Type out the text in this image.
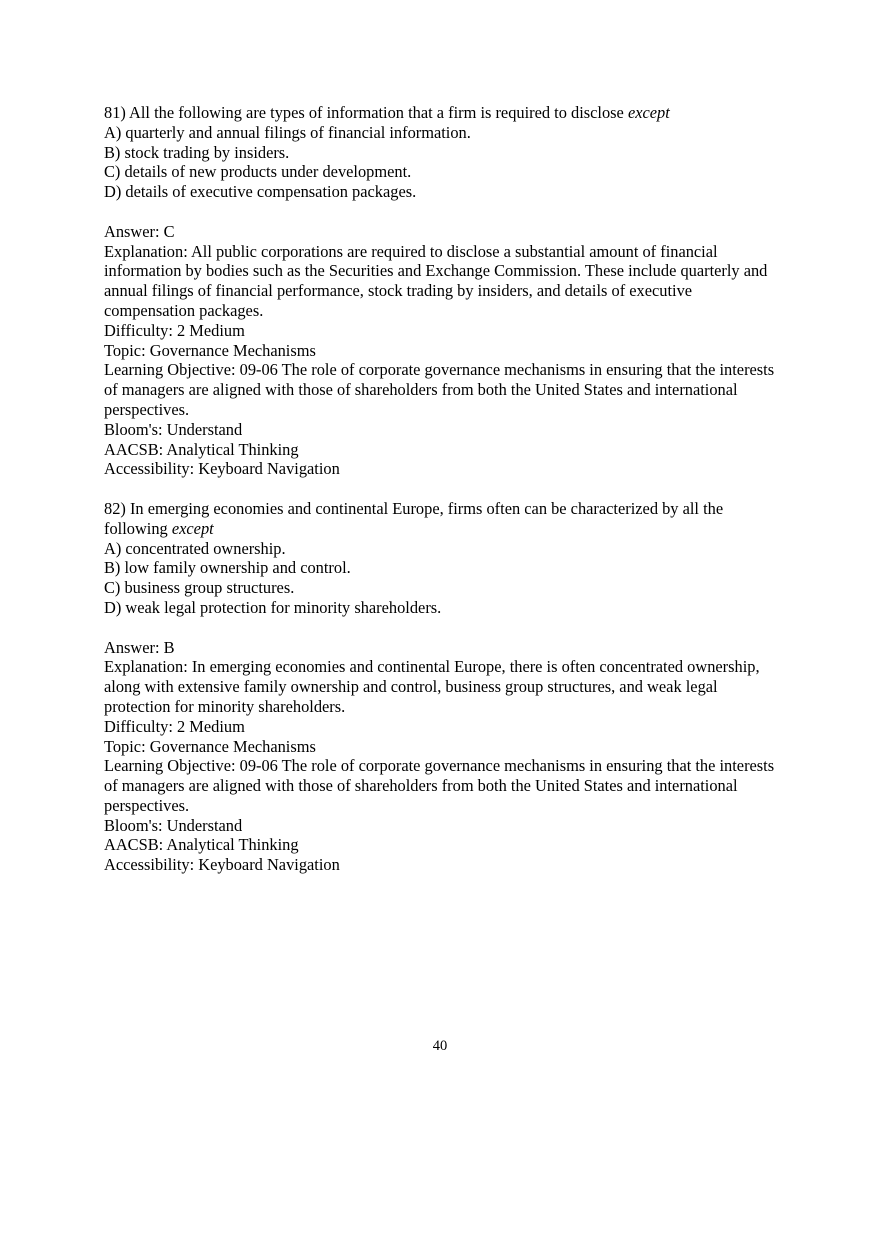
81) All the following are types of information that a firm is required to disclose except

A) quarterly and annual filings of financial information.

B) stock trading by insiders.

C) details of new products under development.

D) details of executive compensation packages.

Answer: C

Explanation: All public corporations are required to disclose a substantial amount of financial information by bodies such as the Securities and Exchange Commission. These include quarterly and annual filings of financial performance, stock trading by insiders, and details of executive compensation packages.

Difficulty: 2 Medium

Topic: Governance Mechanisms

Learning Objective: 09-06 The role of corporate governance mechanisms in ensuring that the interests of managers are aligned with those of shareholders from both the United States and international perspectives.

Bloom's: Understand

AACSB: Analytical Thinking

Accessibility: Keyboard Navigation

82) In emerging economies and continental Europe, firms often can be characterized by all the following except

A) concentrated ownership.

B) low family ownership and control.

C) business group structures.

D) weak legal protection for minority shareholders.

Answer: B

Explanation: In emerging economies and continental Europe, there is often concentrated ownership, along with extensive family ownership and control, business group structures, and weak legal protection for minority shareholders.

Difficulty: 2 Medium

Topic: Governance Mechanisms

Learning Objective: 09-06 The role of corporate governance mechanisms in ensuring that the interests of managers are aligned with those of shareholders from both the United States and international perspectives.

Bloom's: Understand

AACSB: Analytical Thinking

Accessibility: Keyboard Navigation

40
